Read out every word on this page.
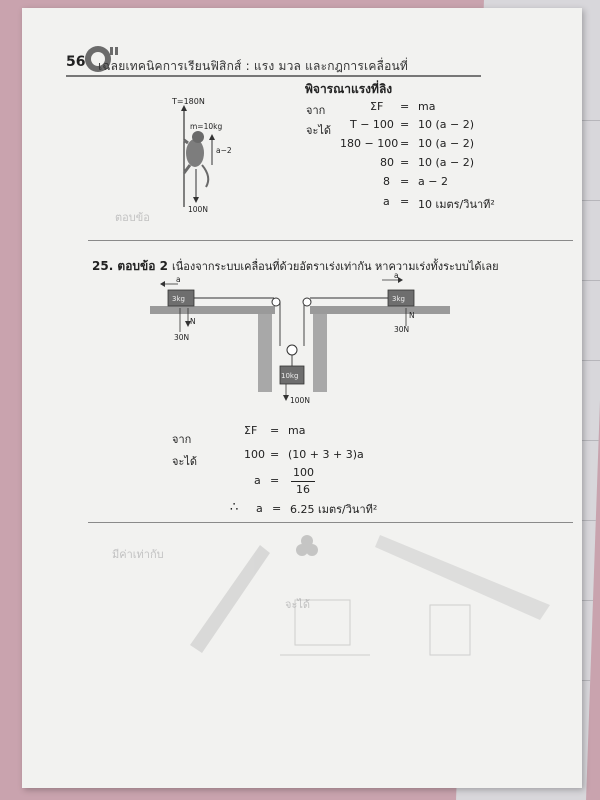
56 เฉลยเทคนิคการเรียนฟิสิกส์ : แรง มวล และกฎการเคลื่อนที่
ตอบข้อ
มีค่าเท่ากับ
จะได้
T=180N
m=10kg
a−2
100N
พิจารณาแรงที่ลิง
จาก	ΣF = ma
จะได้ T − 100 = 10 (a − 2)
180 − 100 = 10 (a − 2)
80 = 10 (a − 2)
8 = a − 2
a = 10 เมตร/วินาที²
25. ตอบข้อ 2 เนื่องจากระบบเคลื่อนที่ด้วยอัตราเร่งเท่ากัน หาความเร่งทั้งระบบได้เลย
3kg
a
N
30N
10kg
100N
3kg
a
N
30N
จาก
ΣF = ma
จะได้
100 = (10 + 3 + 3)a
a =
100
16
∴ a = 6.25 เมตร/วินาที²
